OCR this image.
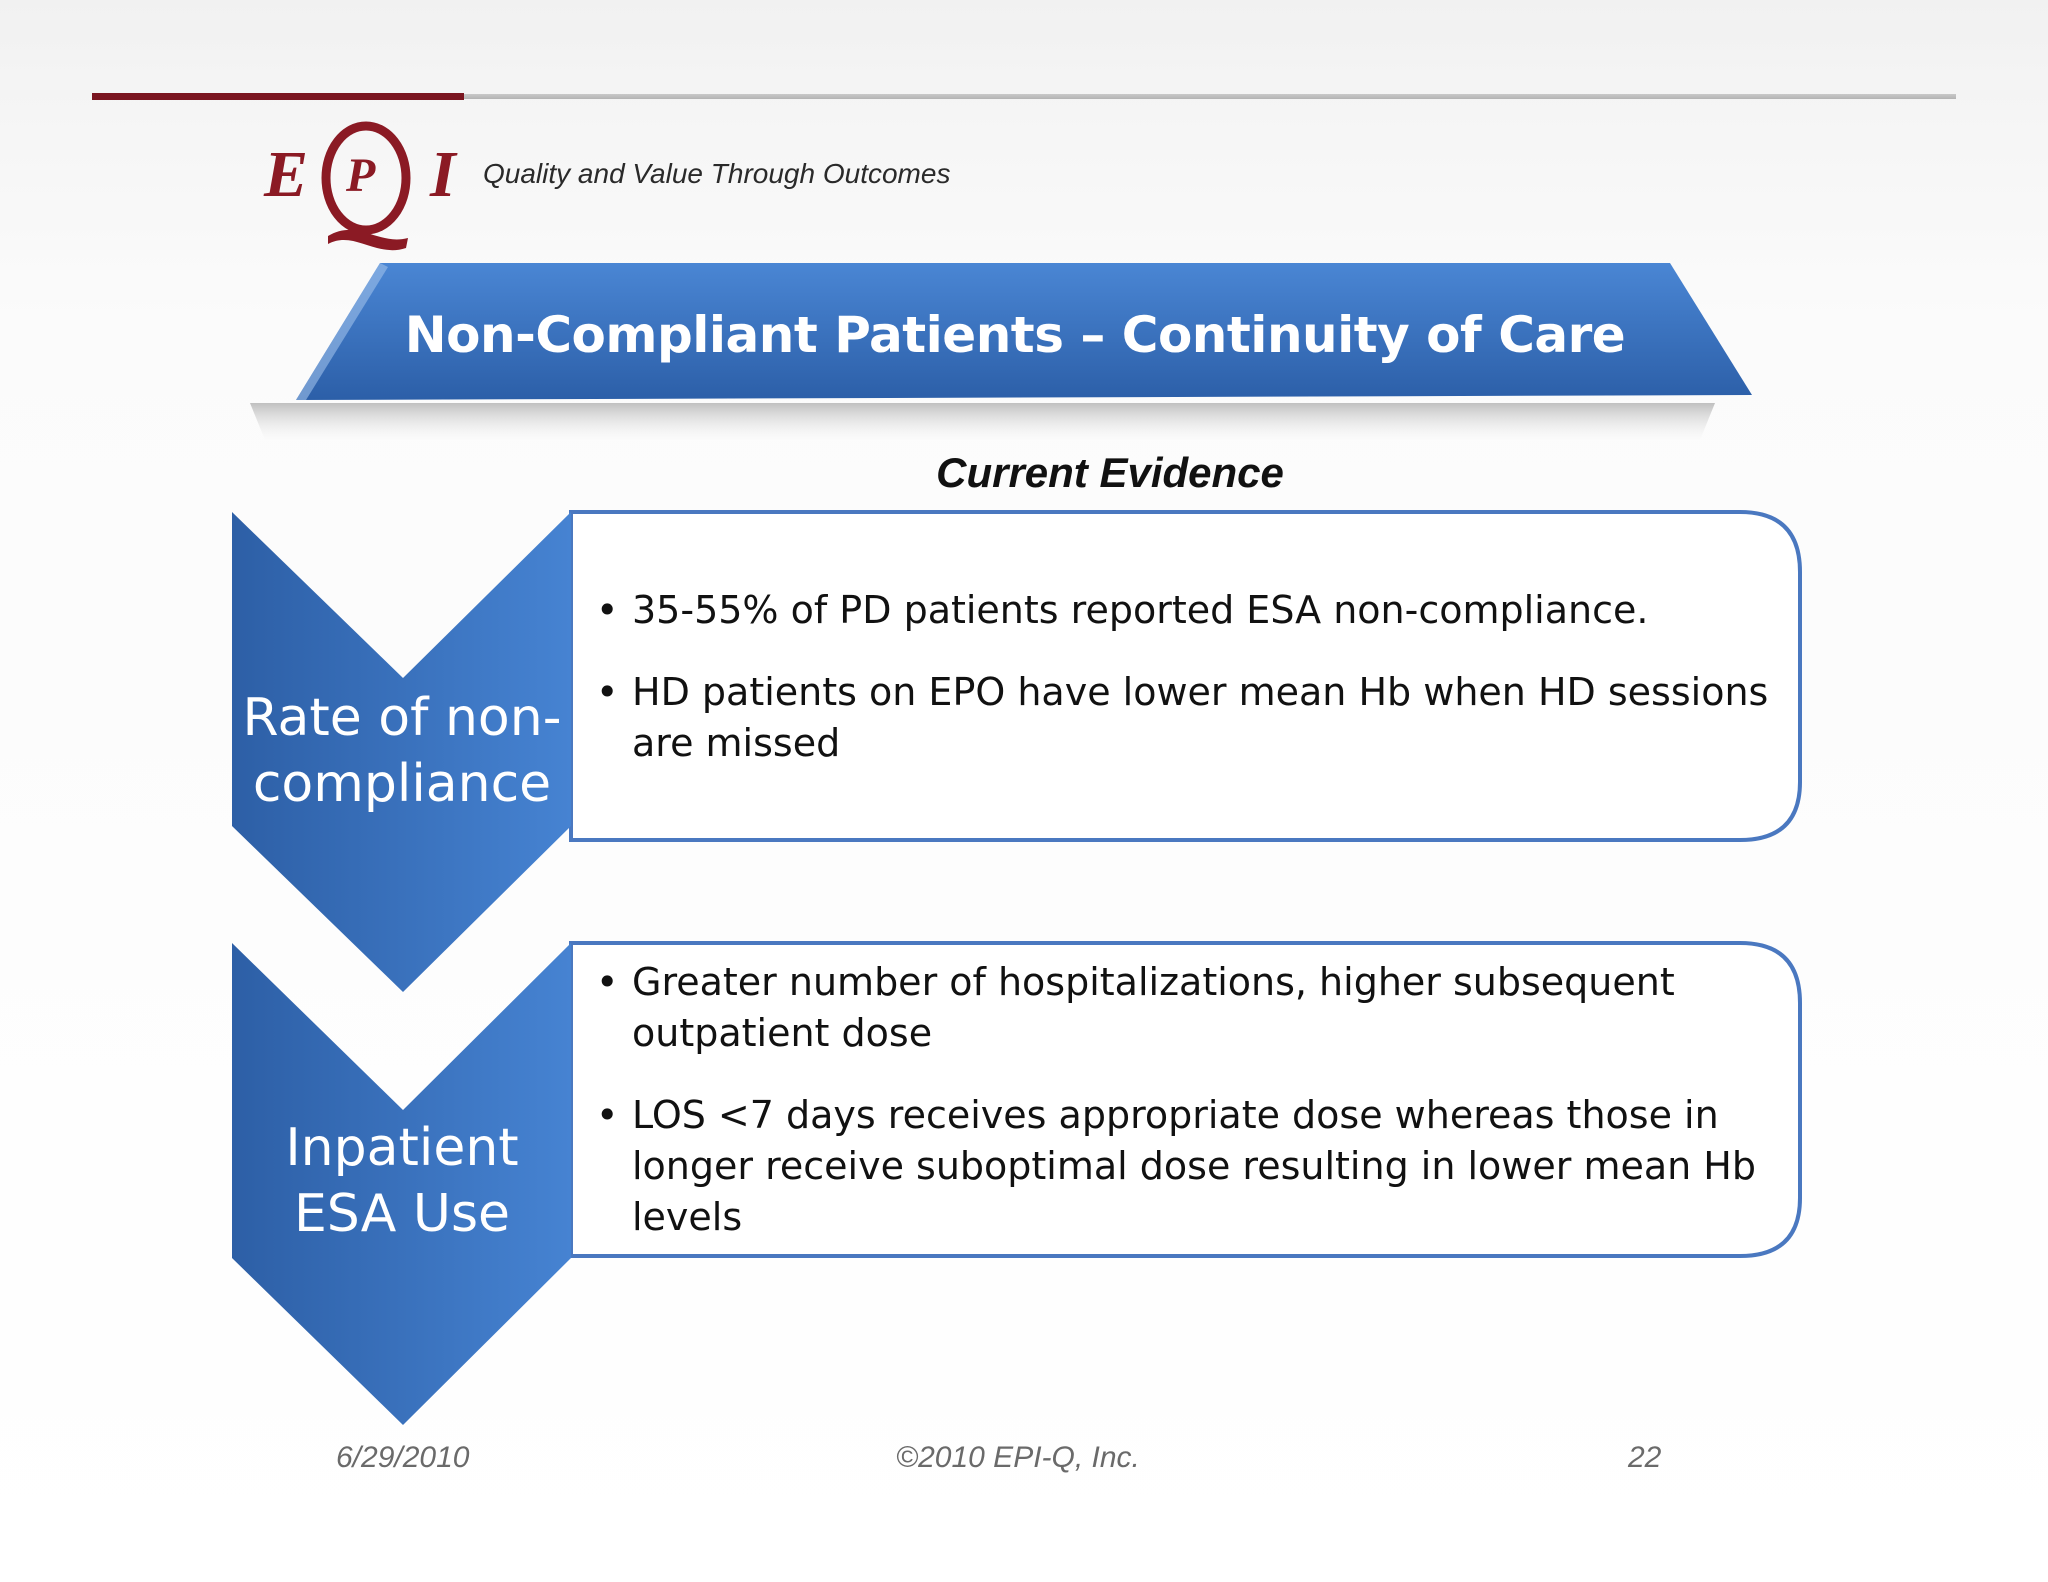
E P I Quality and Value Through Outcomes
Non-Compliant Patients – Continuity of Care
Current Evidence
Rate of non-
compliance
Inpatient
ESA Use
• 35-55% of PD patients reported ESA non-compliance.
• HD patients on EPO have lower mean Hb when HD sessions are missed
• Greater number of hospitalizations, higher subsequent outpatient dose
• LOS <7 days receives appropriate dose whereas those in longer receive suboptimal dose resulting in lower mean Hb levels
6/29/2010	©2010 EPI-Q, Inc.	22
